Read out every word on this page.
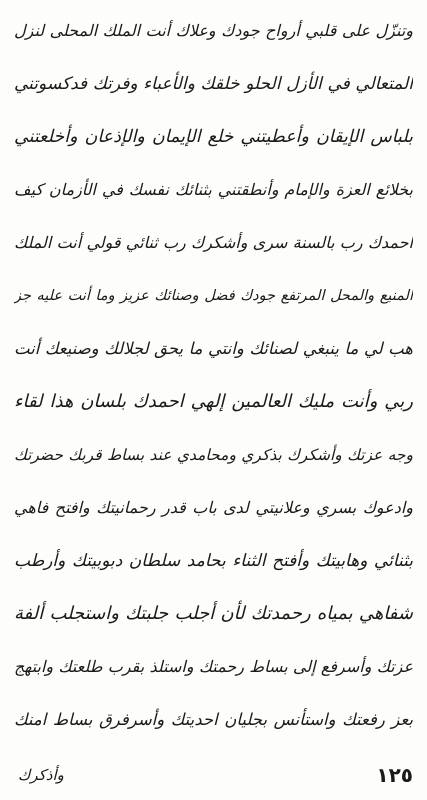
وتنزّل على قلبي أرواح جودك وعلاك أنت الملك المحلى لنزل
المتعالي في الأزل الحلو خلقك والأعباء وفرتك فدكسوتني
بلباس الإيقان وأعطيتني خلع الإيمان والإذعان وأخلعتني
بخلائع العزة والإمام وأنطقتني بثنائك نفسك في الأزمان كيف
احمدك رب بالسنة سرى وأشكرك رب ثنائي قولي أنت الملك
المنيع والمحل المرتفع جودك فضل وصنائك عزيز وما أنت عليه جز
هب لي ما ينبغي لصنائك وانتي ما يحق لجلالك وصنيعك أنت
ربي وأنت مليك العالمين إلهي احمدك بلسان هذا لقاء
وجه عزتك وأشكرك بذكري ومحامدي عند بساط قربك حضرتك
وادعوك بسري وعلانيتي لدى باب قدر رحمانيتك وافتح فاهي
بثنائي وهابيتك وأفتح الثناء بحامد سلطان دبوبيتك وأرطب
شفاهي بمياه رحمدتك لأن أجلب جلبتك واستجلب ألفة
عزتك وأسرفع إلى بساط رحمتك واستلذ بقرب طلعتك وابتهج
بعز رفعتك واستأنس بجليان احديتك وأسرفرق بساط امنك
١٢٥
وأذكرك
